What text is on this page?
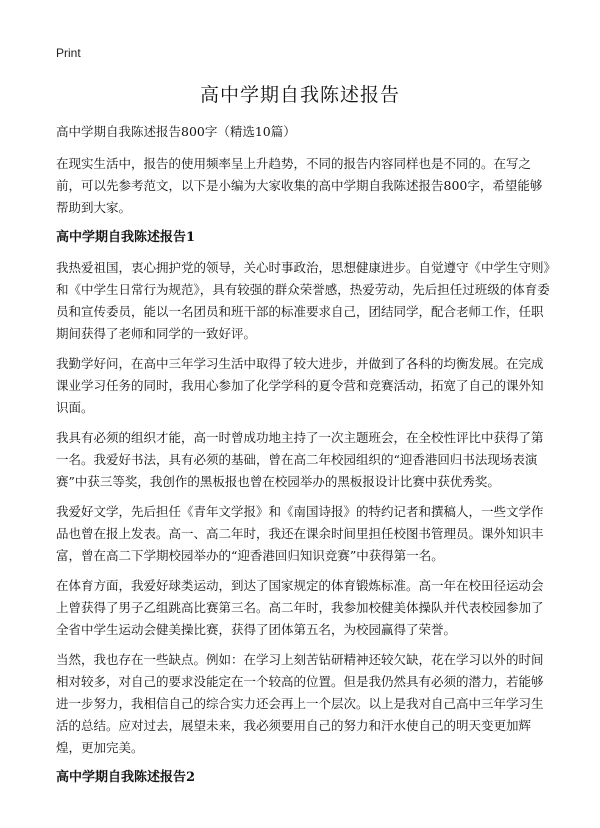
Print
高中学期自我陈述报告
高中学期自我陈述报告800字（精选10篇）

在现实生活中，报告的使用频率呈上升趋势，不同的报告内容同样也是不同的。在写之前，可以先参考范文，以下是小编为大家收集的高中学期自我陈述报告800字，希望能够帮助到大家。

高中学期自我陈述报告1

我热爱祖国，衷心拥护党的领导，关心时事政治，思想健康进步。自觉遵守《中学生守则》和《中学生日常行为规范》，具有较强的群众荣誉感，热爱劳动，先后担任过班级的体育委员和宣传委员，能以一名团员和班干部的标准要求自己，团结同学，配合老师工作，任职期间获得了老师和同学的一致好评。

我勤学好问，在高中三年学习生活中取得了较大进步，并做到了各科的均衡发展。在完成课业学习任务的同时，我用心参加了化学学科的夏令营和竞赛活动，拓宽了自己的课外知识面。

我具有必须的组织才能，高一时曾成功地主持了一次主题班会，在全校性评比中获得了第一名。我爱好书法，具有必须的基础，曾在高二年校园组织的“迎香港回归书法现场表演赛”中获三等奖，我创作的黑板报也曾在校园举办的黑板报设计比赛中获优秀奖。

我爱好文学，先后担任《青年文学报》和《南国诗报》的特约记者和撰稿人，一些文学作品也曾在报上发表。高一、高二年时，我还在课余时间里担任校图书管理员。课外知识丰富，曾在高二下学期校园举办的“迎香港回归知识竞赛”中获得第一名。

在体育方面，我爱好球类运动，到达了国家规定的体育锻炼标准。高一年在校田径运动会上曾获得了男子乙组跳高比赛第三名。高二年时，我参加校健美体操队并代表校园参加了全省中学生运动会健美操比赛，获得了团体第五名，为校园赢得了荣誉。

当然，我也存在一些缺点。例如：在学习上刻苦钻研精神还较欠缺，花在学习以外的时间相对较多，对自己的要求没能定在一个较高的位置。但是我仍然具有必须的潜力，若能够进一步努力，我相信自己的综合实力还会再上一个层次。以上是我对自己高中三年学习生活的总结。应对过去，展望未来，我必须要用自己的努力和汗水使自己的明天变更加辉煌，更加完美。

高中学期自我陈述报告2
